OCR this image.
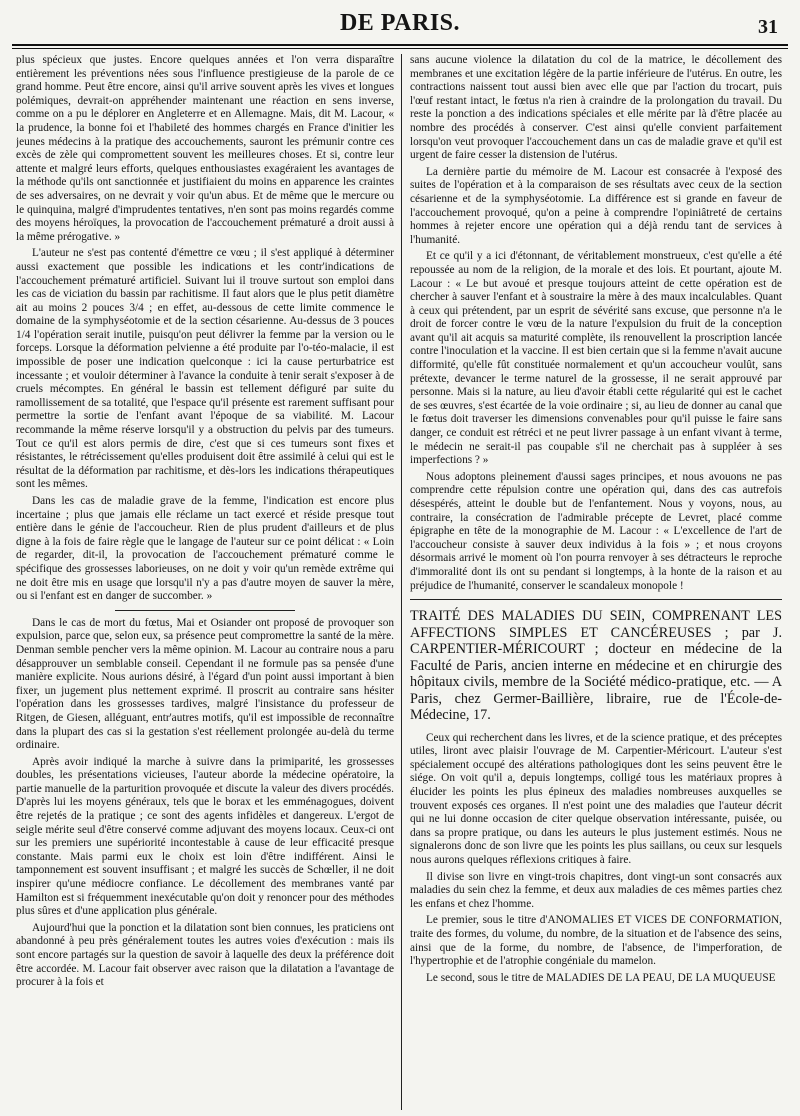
DE PARIS.	31

plus spécieux que justes. Encore quelques années et l'on verra disparaître entièrement les préventions nées sous l'influence prestigieuse de la parole de ce grand homme. Peut être encore, ainsi qu'il arrive souvent après les vives et longues polémiques, devrait-on appréhender maintenant une réaction en sens inverse, comme on a pu le déplorer en Angleterre et en Allemagne. Mais, dit M. Lacour, « la prudence, la bonne foi et l'habileté des hommes chargés en France d'initier les jeunes médecins à la pratique des accouchements, sauront les prémunir contre ces excès de zèle qui compromettent souvent les meilleures choses. Et si, contre leur attente et malgré leurs efforts, quelques enthousiastes exagéraient les avantages de la méthode qu'ils ont sanctionnée et justifiaient du moins en apparence les craintes de ses adversaires, on ne devrait y voir qu'un abus. Et de même que le mercure ou le quinquina, malgré d'imprudentes tentatives, n'en sont pas moins regardés comme des moyens héroïques, la provocation de l'accouchement prématuré a droit aussi à la même prérogative. »

L'auteur ne s'est pas contenté d'émettre ce vœu ; il s'est appliqué à déterminer aussi exactement que possible les indications et les contr'indications de l'accouchement prématuré artificiel. Suivant lui il trouve surtout son emploi dans les cas de viciation du bassin par rachitisme. Il faut alors que le plus petit diamètre ait au moins 2 pouces 3/4 ; en effet, au-dessous de cette limite commence le domaine de la symphyséotomie et de la section césarienne. Au-dessus de 3 pouces 1/4 l'opération serait inutile, puisqu'on peut délivrer la femme par la version ou le forceps. Lorsque la déformation pelvienne a été produite par l'o-téo-malacie, il est impossible de poser une indication quelconque : ici la cause perturbatrice est incessante ; et vouloir déterminer à l'avance la conduite à tenir serait s'exposer à de cruels mécomptes. En général le bassin est tellement défiguré par suite du ramollissement de sa totalité, que l'espace qu'il présente est rarement suffisant pour permettre la sortie de l'enfant avant l'époque de sa viabilité. M. Lacour recommande la même réserve lorsqu'il y a obstruction du pelvis par des tumeurs. Tout ce qu'il est alors permis de dire, c'est que si ces tumeurs sont fixes et résistantes, le rétrécissement qu'elles produisent doit être assimilé à celui qui est le résultat de la déformation par rachitisme, et dès-lors les indications thérapeutiques sont les mêmes.

Dans les cas de maladie grave de la femme, l'indication est encore plus incertaine ; plus que jamais elle réclame un tact exercé et réside presque tout entière dans le génie de l'accoucheur. Rien de plus prudent d'ailleurs et de plus digne à la fois de faire règle que le langage de l'auteur sur ce point délicat : « Loin de regarder, dit-il, la provocation de l'accouchement prématuré comme le spécifique des grossesses laborieuses, on ne doit y voir qu'un remède extrême qui ne doit être mis en usage que lorsqu'il n'y a pas d'autre moyen de sauver la mère, ou si l'enfant est en danger de succomber. »

Dans le cas de mort du fœtus, Mai et Osiander ont proposé de provoquer son expulsion, parce que, selon eux, sa présence peut compromettre la santé de la mère. Denman semble pencher vers la même opinion. M. Lacour au contraire nous a paru désapprouver un semblable conseil. Cependant il ne formule pas sa pensée d'une manière explicite. Nous aurions désiré, à l'égard d'un point aussi important à bien fixer, un jugement plus nettement exprimé. Il proscrit au contraire sans hésiter l'opération dans les grossesses tardives, malgré l'insistance du professeur de Ritgen, de Giesen, alléguant, entr'autres motifs, qu'il est impossible de reconnaître dans la plupart des cas si la gestation s'est réellement prolongée au-delà du terme ordinaire.

Après avoir indiqué la marche à suivre dans la primiparité, les grossesses doubles, les présentations vicieuses, l'auteur aborde la médecine opératoire, la partie manuelle de la parturition provoquée et discute la valeur des divers procédés. D'après lui les moyens généraux, tels que le borax et les emménagogues, doivent être rejetés de la pratique ; ce sont des agents infidèles et dangereux. L'ergot de seigle mérite seul d'être conservé comme adjuvant des moyens locaux. Ceux-ci ont sur les premiers une supériorité incontestable à cause de leur efficacité presque constante. Mais parmi eux le choix est loin d'être indifférent. Ainsi le tamponnement est souvent insuffisant ; et malgré les succès de Schœller, il ne doit inspirer qu'une médiocre confiance. Le décollement des membranes vanté par Hamilton est si fréquemment inexécutable qu'on doit y renoncer pour des méthodes plus sûres et d'une application plus générale.

Aujourd'hui que la ponction et la dilatation sont bien connues, les praticiens ont abandonné à peu près généralement toutes les autres voies d'exécution : mais ils sont encore partagés sur la question de savoir à laquelle des deux la préférence doit être accordée. M. Lacour fait observer avec raison que la dilatation a l'avantage de procurer à la fois et

sans aucune violence la dilatation du col de la matrice, le décollement des membranes et une excitation légère de la partie inférieure de l'utérus. En outre, les contractions naissent tout aussi bien avec elle que par l'action du trocart, puis l'œuf restant intact, le fœtus n'a rien à craindre de la prolongation du travail. Du reste la ponction a des indications spéciales et elle mérite par là d'être placée au nombre des procédés à conserver. C'est ainsi qu'elle convient parfaitement lorsqu'on veut provoquer l'accouchement dans un cas de maladie grave et qu'il est urgent de faire cesser la distension de l'utérus.

La dernière partie du mémoire de M. Lacour est consacrée à l'exposé des suites de l'opération et à la comparaison de ses résultats avec ceux de la section césarienne et de la symphyséotomie. La différence est si grande en faveur de l'accouchement provoqué, qu'on a peine à comprendre l'opiniâtreté de certains hommes à rejeter encore une opération qui a déjà rendu tant de services à l'humanité.

Et ce qu'il y a ici d'étonnant, de véritablement monstrueux, c'est qu'elle a été repoussée au nom de la religion, de la morale et des lois. Et pourtant, ajoute M. Lacour : « Le but avoué et presque toujours atteint de cette opération est de chercher à sauver l'enfant et à soustraire la mère à des maux incalculables. Quant à ceux qui prétendent, par un esprit de sévérité sans excuse, que personne n'a le droit de forcer contre le vœu de la nature l'expulsion du fruit de la conception avant qu'il ait acquis sa maturité complète, ils renouvellent la proscription lancée contre l'inoculation et la vaccine. Il est bien certain que si la femme n'avait aucune difformité, qu'elle fût constituée normalement et qu'un accoucheur voulût, sans prétexte, devancer le terme naturel de la grossesse, il ne serait approuvé par personne. Mais si la nature, au lieu d'avoir établi cette régularité qui est le cachet de ses œuvres, s'est écartée de la voie ordinaire ; si, au lieu de donner au canal que le fœtus doit traverser les dimensions convenables pour qu'il puisse le faire sans danger, ce conduit est rétréci et ne peut livrer passage à un enfant vivant à terme, le médecin ne serait-il pas coupable s'il ne cherchait pas à suppléer à ses imperfections ? »

Nous adoptons pleinement d'aussi sages principes, et nous avouons ne pas comprendre cette répulsion contre une opération qui, dans des cas autrefois désespérés, atteint le double but de l'enfantement. Nous y voyons, nous, au contraire, la consécration de l'admirable précepte de Levret, placé comme épigraphe en tête de la monographie de M. Lacour : « L'excellence de l'art de l'accoucheur consiste à sauver deux individus à la fois » ; et nous croyons désormais arrivé le moment où l'on pourra renvoyer à ses détracteurs le reproche d'immoralité dont ils ont su pendant si longtemps, à la honte de la raison et au préjudice de l'humanité, conserver le scandaleux monopole !

TRAITÉ DES MALADIES DU SEIN, COMPRENANT LES AFFECTIONS SIMPLES ET CANCÉREUSES ; par J. CARPENTIER-MÉRICOURT ; docteur en médecine de la Faculté de Paris, ancien interne en médecine et en chirurgie des hôpitaux civils, membre de la Société médico-pratique, etc. — A Paris, chez Germer-Baillière, libraire, rue de l'École-de-Médecine, 17.

Ceux qui recherchent dans les livres, et de la science pratique, et des préceptes utiles, liront avec plaisir l'ouvrage de M. Carpentier-Méricourt. L'auteur s'est spécialement occupé des altérations pathologiques dont les seins peuvent être le siége. On voit qu'il a, depuis longtemps, colligé tous les matériaux propres à élucider les points les plus épineux des maladies nombreuses auxquelles se trouvent exposés ces organes. Il n'est point une des maladies que l'auteur décrit qui ne lui donne occasion de citer quelque observation intéressante, puisée, ou dans sa propre pratique, ou dans les auteurs le plus justement estimés. Nous ne signalerons donc de son livre que les points les plus saillans, ou ceux sur lesquels nous aurons quelques réflexions critiques à faire.

Il divise son livre en vingt-trois chapitres, dont vingt-un sont consacrés aux maladies du sein chez la femme, et deux aux maladies de ces mêmes parties chez les enfans et chez l'homme.

Le premier, sous le titre d'ANOMALIES ET VICES DE CONFORMATION, traite des formes, du volume, du nombre, de la situation et de l'absence des seins, ainsi que de la forme, du nombre, de l'absence, de l'imperforation, de l'hypertrophie et de l'atrophie congéniale du mamelon.

Le second, sous le titre de MALADIES DE LA PEAU, DE LA MUQUEUSE
